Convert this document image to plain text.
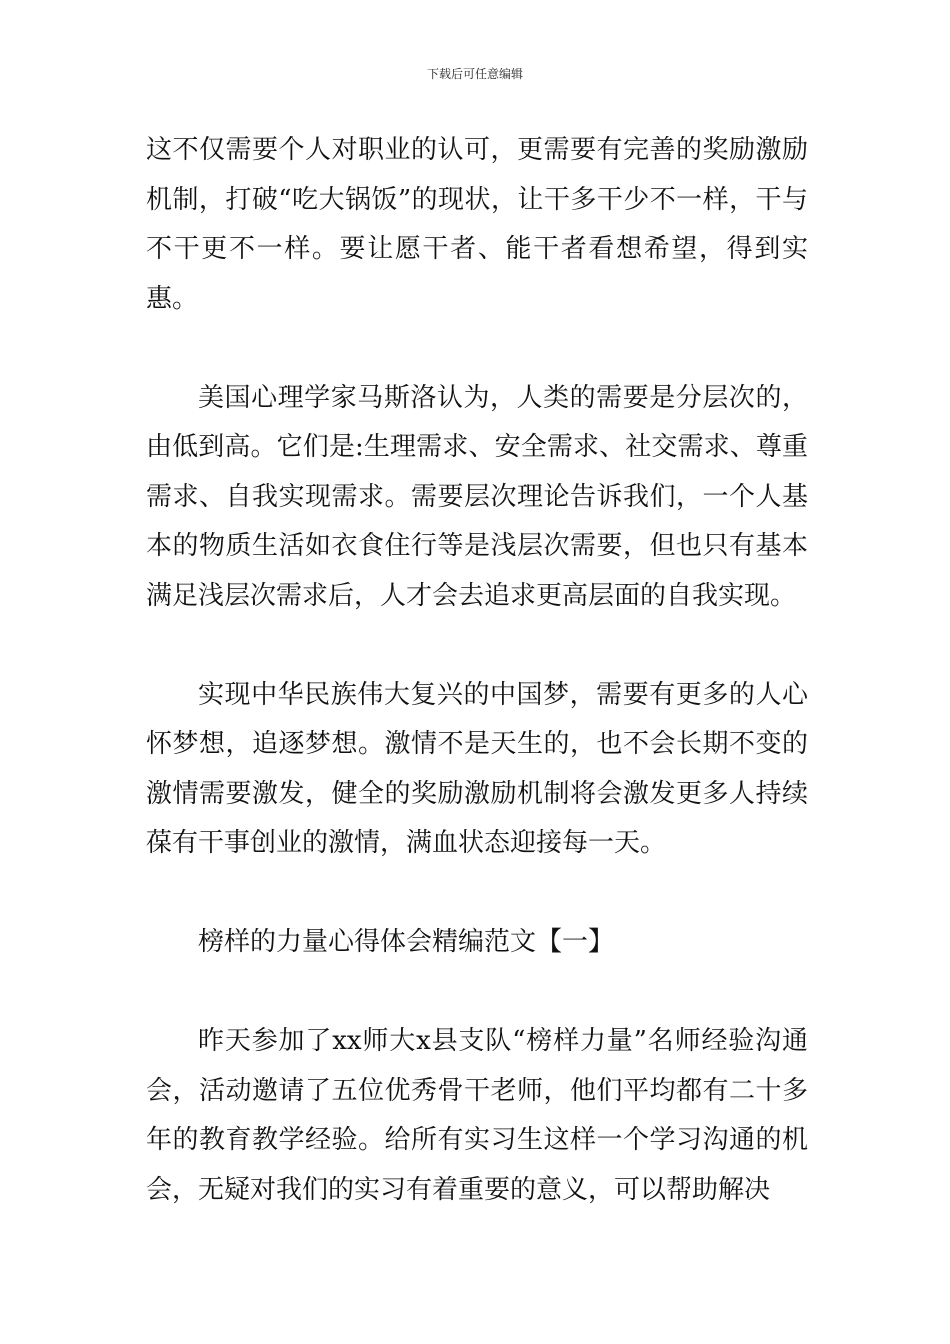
下载后可任意编辑

这不仅需要个人对职业的认可，更需要有完善的奖励激励机制，打破“吃大锅饭”的现状，让干多干少不一样，干与不干更不一样。要让愿干者、能干者看想希望，得到实惠。

美国心理学家马斯洛认为，人类的需要是分层次的，由低到高。它们是:生理需求、安全需求、社交需求、尊重需求、自我实现需求。需要层次理论告诉我们，一个人基本的物质生活如衣食住行等是浅层次需要，但也只有基本满足浅层次需求后，人才会去追求更高层面的自我实现。

实现中华民族伟大复兴的中国梦，需要有更多的人心怀梦想，追逐梦想。激情不是天生的，也不会长期不变的激情需要激发，健全的奖励激励机制将会激发更多人持续葆有干事创业的激情，满血状态迎接每一天。

榜样的力量心得体会精编范文【一】

昨天参加了xx师大x县支队“榜样力量”名师经验沟通会，活动邀请了五位优秀骨干老师，他们平均都有二十多年的教育教学经验。给所有实习生这样一个学习沟通的机会，无疑对我们的实习有着重要的意义，可以帮助解决
